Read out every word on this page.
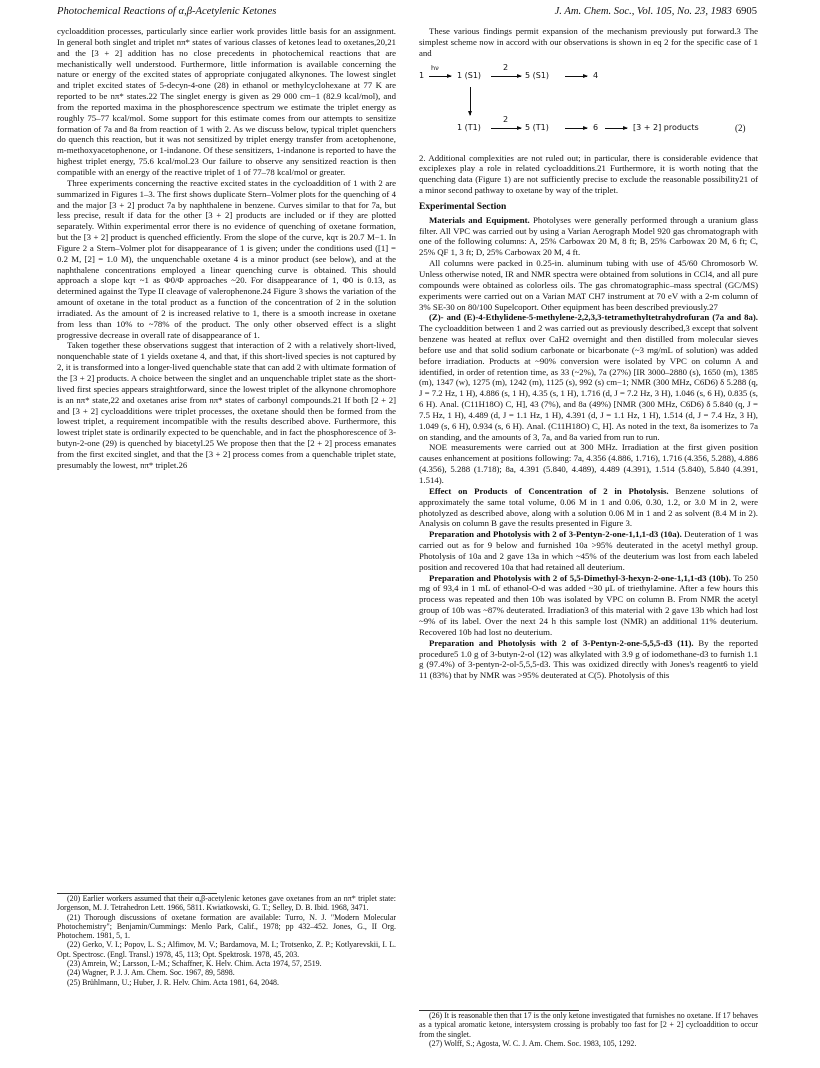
Photochemical Reactions of α,β-Acetylenic Ketones	J. Am. Chem. Soc., Vol. 105, No. 23, 1983 6905

cycloaddition processes, particularly since earlier work provides little basis for an assignment. In general both singlet and triplet nπ* states of various classes of ketones lead to oxetanes,20,21 and the [3 + 2] addition has no close precedents in photochemical reactions that are mechanistically well understood. Furthermore, little information is available concerning the nature or energy of the excited states of appropriate conjugated alkynones. The lowest singlet and triplet excited states of 5-decyn-4-one (28) in ethanol or methylcyclohexane at 77 K are reported to be nπ* states.22 The singlet energy is given as 29 000 cm−1 (82.9 kcal/mol), and from the reported maxima in the phosphorescence spectrum we estimate the triplet energy as roughly 75–77 kcal/mol. Some support for this estimate comes from our attempts to sensitize formation of 7a and 8a from reaction of 1 with 2. As we discuss below, typical triplet quenchers do quench this reaction, but it was not sensitized by triplet energy transfer from acetophenone, m-methoxyacetophenone, or 1-indanone. Of these sensitizers, 1-indanone is reported to have the highest triplet energy, 75.6 kcal/mol.23 Our failure to observe any sensitized reaction is then compatible with an energy of the reactive triplet of 1 of 77–78 kcal/mol or greater.

Three experiments concerning the reactive excited states in the cycloaddition of 1 with 2 are summarized in Figures 1–3. The first shows duplicate Stern–Volmer plots for the quenching of 4 and the major [3 + 2] product 7a by naphthalene in benzene. Curves similar to that for 7a, but less precise, result if data for the other [3 + 2] products are included or if they are plotted separately. Within experimental error there is no evidence of quenching of oxetane formation, but the [3 + 2] product is quenched efficiently. From the slope of the curve, kqτ is 20.7 M−1. In Figure 2 a Stern–Volmer plot for disappearance of 1 is given; under the conditions used ([1] = 0.2 M, [2] = 1.0 M), the unquenchable oxetane 4 is a minor product (see below), and at the naphthalene concentrations employed a linear quenching curve is obtained. This should approach a slope kqτ ~1 as Φ0/Φ approaches ~20. For disappearance of 1, Φ0 is 0.13, as determined against the Type II cleavage of valerophenone.24 Figure 3 shows the variation of the amount of oxetane in the total product as a function of the concentration of 2 in the solution irradiated. As the amount of 2 is increased relative to 1, there is a smooth increase in oxetane from less than 10% to ~78% of the product. The only other observed effect is a slight progressive decrease in overall rate of disappearance of 1.

Taken together these observations suggest that interaction of 2 with a relatively short-lived, nonquenchable state of 1 yields oxetane 4, and that, if this short-lived species is not captured by 2, it is transformed into a longer-lived quenchable state that can add 2 with ultimate formation of the [3 + 2] products. A choice between the singlet and an unquenchable triplet state as the short-lived first species appears straightforward, since the lowest triplet of the alkynone chromophore is an nπ* state,22 and oxetanes arise from nπ* states of carbonyl compounds.21 If both [2 + 2] and [3 + 2] cycloadditions were triplet processes, the oxetane should then be formed from the lowest triplet, a requirement incompatible with the results described above. Furthermore, this lowest triplet state is ordinarily expected to be quenchable, and in fact the phosphorescence of 3-butyn-2-one (29) is quenched by biacetyl.25 We propose then that the [2 + 2] process emanates from the first excited singlet, and that the [3 + 2] process comes from a quenchable triplet state, presumably the lowest, nπ* triplet.26

(20) Earlier workers assumed that their α,β-acetylenic ketones gave oxetanes from an nπ* triplet state: Jorgenson, M. J. Tetrahedron Lett. 1966, 5811. Kwiatkowski, G. T.; Selley, D. B. Ibid. 1968, 3471.

(21) Thorough discussions of oxetane formation are available: Turro, N. J. "Modern Molecular Photochemistry"; Benjamin/Cummings: Menlo Park, Calif., 1978; pp 432–452. Jones, G., II Org. Photochem. 1981, 5, 1.

(22) Gerko, V. I.; Popov, L. S.; Alfimov, M. V.; Bardamova, M. I.; Trotsenko, Z. P.; Kotlyarevskii, I. L. Opt. Spectrosc. (Engl. Transl.) 1978, 45, 113; Opt. Spektrosk. 1978, 45, 203.

(23) Amrein, W.; Larsson, I.-M.; Schaffner, K. Helv. Chim. Acta 1974, 57, 2519.

(24) Wagner, P. J. J. Am. Chem. Soc. 1967, 89, 5898.

(25) Brühlmann, U.; Huber, J. R. Helv. Chim. Acta 1981, 64, 2048.

These various findings permit expansion of the mechanism previously put forward.3 The simplest scheme now in accord with our observations is shown in eq 2 for the specific case of 1 and

1
hν
1 (S1)
2
5 (S1)	4
1 (T1)
2
5 (T1)	6	[3 + 2] products	(2)

2. Additional complexities are not ruled out; in particular, there is considerable evidence that exciplexes play a role in related cycloadditions.21 Furthermore, it is worth noting that the quenching data (Figure 1) are not sufficiently precise to exclude the reasonable possibility21 of a minor second pathway to oxetane by way of the triplet.

Experimental Section

Materials and Equipment. Photolyses were generally performed through a uranium glass filter. All VPC was carried out by using a Varian Aerograph Model 920 gas chromatograph with one of the following columns: A, 25% Carbowax 20 M, 8 ft; B, 25% Carbowax 20 M, 6 ft; C, 25% QF 1, 3 ft; D, 25% Carbowax 20 M, 4 ft.

All columns were packed in 0.25-in. aluminum tubing with use of 45/60 Chromosorb W. Unless otherwise noted, IR and NMR spectra were obtained from solutions in CCl4, and all pure compounds were obtained as colorless oils. The gas chromatographic–mass spectral (GC/MS) experiments were carried out on a Varian MAT CH7 instrument at 70 eV with a 2-m column of 3% SE-30 on 80/100 Supelcoport. Other equipment has been described previously.27

(Z)- and (E)-4-Ethylidene-5-methylene-2,2,3,3-tetramethyltetrahydrofuran (7a and 8a). The cycloaddition between 1 and 2 was carried out as previously described,3 except that solvent benzene was heated at reflux over CaH2 overnight and then distilled from molecular sieves before use and that solid sodium carbonate or bicarbonate (~3 mg/mL of solution) was added before irradiation. Products at ~90% conversion were isolated by VPC on column A and identified, in order of retention time, as 33 (~2%), 7a (27%) [IR 3000–2880 (s), 1650 (m), 1385 (m), 1347 (w), 1275 (m), 1242 (m), 1125 (s), 992 (s) cm−1; NMR (300 MHz, C6D6) δ 5.288 (q, J = 7.2 Hz, 1 H), 4.886 (s, 1 H), 4.35 (s, 1 H), 1.716 (d, J = 7.2 Hz, 3 H), 1.046 (s, 6 H), 0.835 (s, 6 H). Anal. (C11H18O) C, H], 43 (7%), and 8a (49%) [NMR (300 MHz, C6D6) δ 5.840 (q, J = 7.5 Hz, 1 H), 4.489 (d, J = 1.1 Hz, 1 H), 4.391 (d, J = 1.1 Hz, 1 H), 1.514 (d, J = 7.4 Hz, 3 H), 1.049 (s, 6 H), 0.934 (s, 6 H). Anal. (C11H18O) C, H]. As noted in the text, 8a isomerizes to 7a on standing, and the amounts of 3, 7a, and 8a varied from run to run.

NOE measurements were carried out at 300 MHz. Irradiation at the first given position causes enhancement at positions following: 7a, 4.356 (4.886, 1.716), 1.716 (4.356, 5.288), 4.886 (4.356), 5.288 (1.718); 8a, 4.391 (5.840, 4.489), 4.489 (4.391), 1.514 (5.840), 5.840 (4.391, 1.514).

Effect on Products of Concentration of 2 in Photolysis. Benzene solutions of approximately the same total volume, 0.06 M in 1 and 0.06, 0.30, 1.2, or 3.0 M in 2, were photolyzed as described above, along with a solution 0.06 M in 1 and 2 as solvent (8.4 M in 2). Analysis on column B gave the results presented in Figure 3.

Preparation and Photolysis with 2 of 3-Pentyn-2-one-1,1,1-d3 (10a). Deuteration of 1 was carried out as for 9 below and furnished 10a >95% deuterated in the acetyl methyl group. Photolysis of 10a and 2 gave 13a in which ~45% of the deuterium was lost from each labeled position and recovered 10a that had retained all deuterium.

Preparation and Photolysis with 2 of 5,5-Dimethyl-3-hexyn-2-one-1,1,1-d3 (10b). To 250 mg of 93,4 in 1 mL of ethanol-O-d was added ~30 μL of triethylamine. After a few hours this process was repeated and then 10b was isolated by VPC on column B. From NMR the acetyl group of 10b was ~87% deuterated. Irradiation3 of this material with 2 gave 13b which had lost ~9% of its label. Over the next 24 h this sample lost (NMR) an additional 11% deuterium. Recovered 10b had lost no deuterium.

Preparation and Photolysis with 2 of 3-Pentyn-2-one-5,5,5-d3 (11). By the reported procedure5 1.0 g of 3-butyn-2-ol (12) was alkylated with 3.9 g of iodomethane-d3 to furnish 1.1 g (97.4%) of 3-pentyn-2-ol-5,5,5-d3. This was oxidized directly with Jones's reagent6 to yield 11 (83%) that by NMR was >95% deuterated at C(5). Photolysis of this

(26) It is reasonable then that 17 is the only ketone investigated that furnishes no oxetane. If 17 behaves as a typical aromatic ketone, intersystem crossing is probably too fast for [2 + 2] cycloaddition to occur from the singlet.

(27) Wolff, S.; Agosta, W. C. J. Am. Chem. Soc. 1983, 105, 1292.
